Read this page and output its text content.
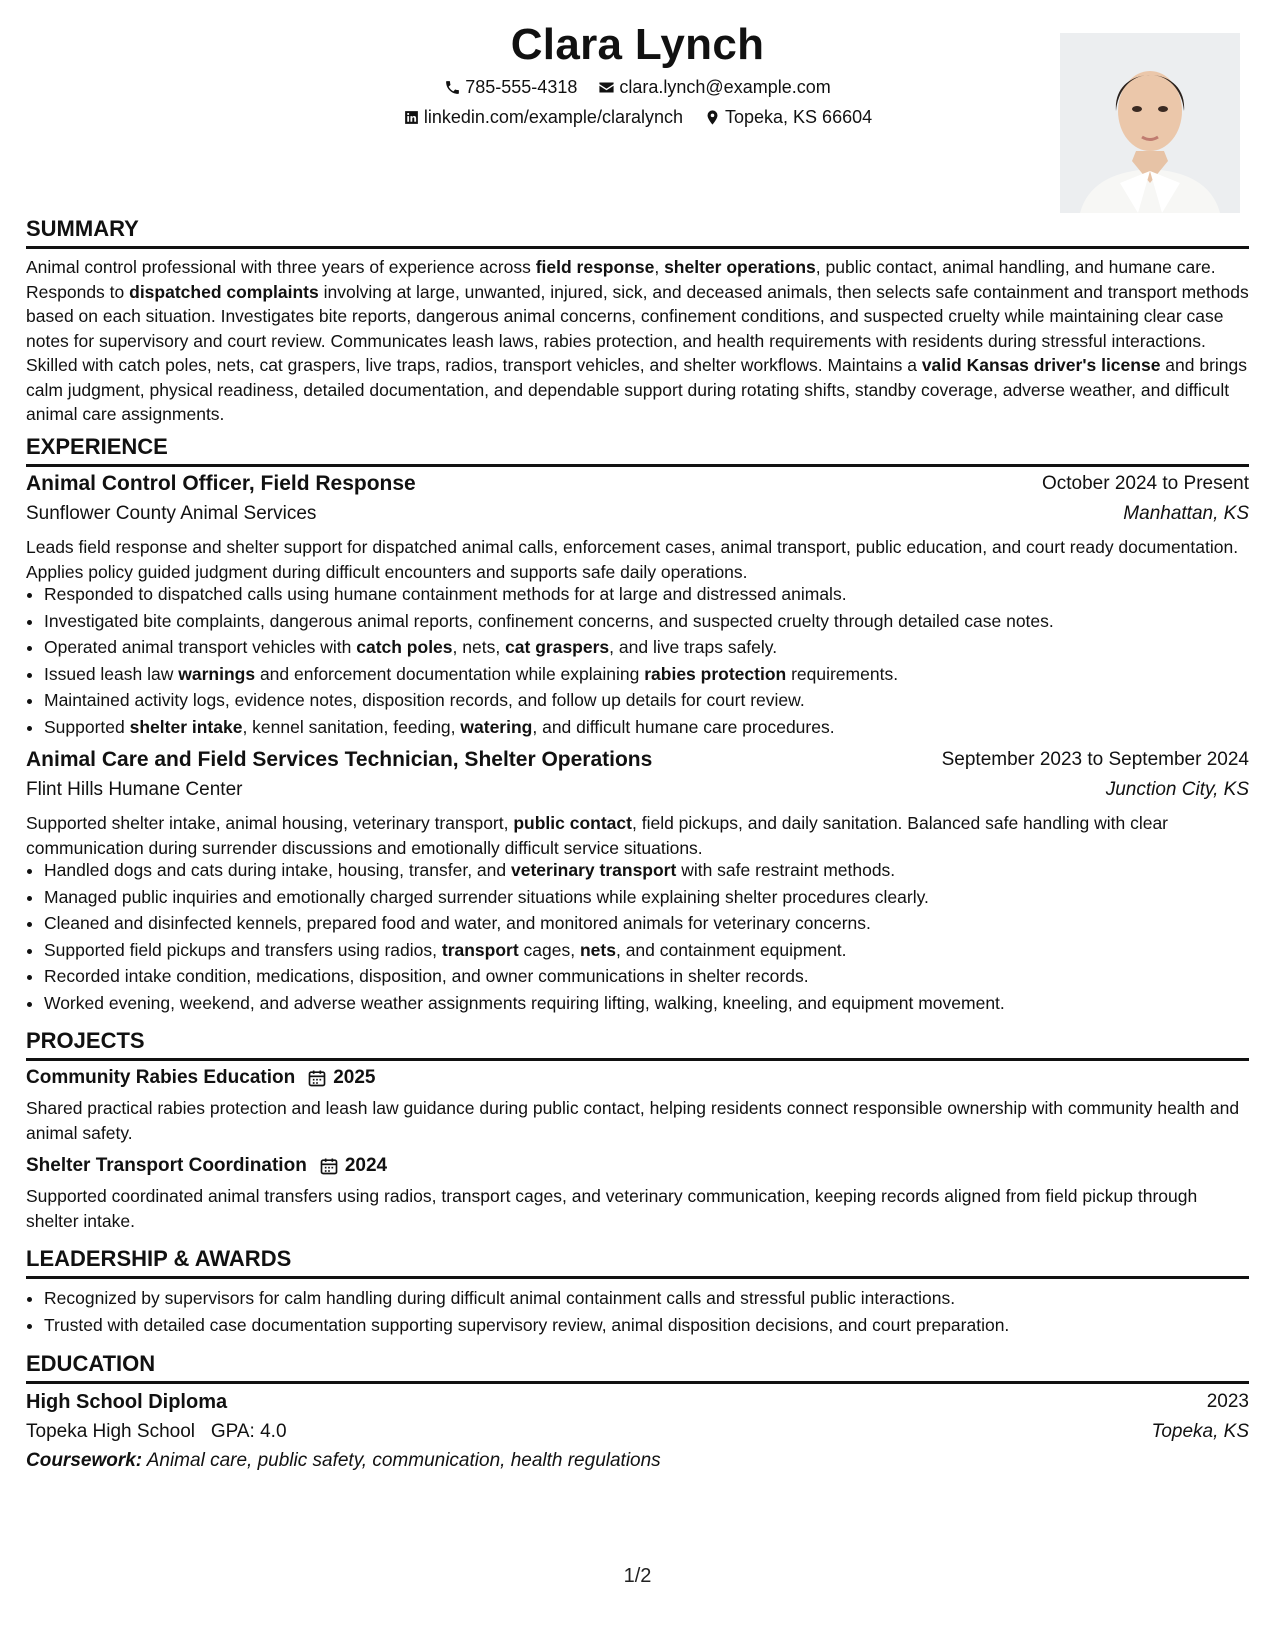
Clara Lynch
785-555-4318
clara.lynch@example.com
linkedin.com/example/claralynch
Topeka, KS 66604
SUMMARY
Animal control professional with three years of experience across field response, shelter operations, public contact, animal handling, and humane care. Responds to dispatched complaints involving at large, unwanted, injured, sick, and deceased animals, then selects safe containment and transport methods based on each situation. Investigates bite reports, dangerous animal concerns, confinement conditions, and suspected cruelty while maintaining clear case notes for supervisory and court review. Communicates leash laws, rabies protection, and health requirements with residents during stressful interactions. Skilled with catch poles, nets, cat graspers, live traps, radios, transport vehicles, and shelter workflows. Maintains a valid Kansas driver's license and brings calm judgment, physical readiness, detailed documentation, and dependable support during rotating shifts, standby coverage, adverse weather, and difficult animal care assignments.
EXPERIENCE
Animal Control Officer, Field Response	October 2024 to Present
Sunflower County Animal Services	Manhattan, KS
Leads field response and shelter support for dispatched animal calls, enforcement cases, animal transport, public education, and court ready documentation. Applies policy guided judgment during difficult encounters and supports safe daily operations.
• Responded to dispatched calls using humane containment methods for at large and distressed animals.
• Investigated bite complaints, dangerous animal reports, confinement concerns, and suspected cruelty through detailed case notes.
• Operated animal transport vehicles with catch poles, nets, cat graspers, and live traps safely.
• Issued leash law warnings and enforcement documentation while explaining rabies protection requirements.
• Maintained activity logs, evidence notes, disposition records, and follow up details for court review.
• Supported shelter intake, kennel sanitation, feeding, watering, and difficult humane care procedures.
Animal Care and Field Services Technician, Shelter Operations	September 2023 to September 2024
Flint Hills Humane Center	Junction City, KS
Supported shelter intake, animal housing, veterinary transport, public contact, field pickups, and daily sanitation. Balanced safe handling with clear communication during surrender discussions and emotionally difficult service situations.
• Handled dogs and cats during intake, housing, transfer, and veterinary transport with safe restraint methods.
• Managed public inquiries and emotionally charged surrender situations while explaining shelter procedures clearly.
• Cleaned and disinfected kennels, prepared food and water, and monitored animals for veterinary concerns.
• Supported field pickups and transfers using radios, transport cages, nets, and containment equipment.
• Recorded intake condition, medications, disposition, and owner communications in shelter records.
• Worked evening, weekend, and adverse weather assignments requiring lifting, walking, kneeling, and equipment movement.
PROJECTS
Community Rabies Education 2025
Shared practical rabies protection and leash law guidance during public contact, helping residents connect responsible ownership with community health and animal safety.
Shelter Transport Coordination 2024
Supported coordinated animal transfers using radios, transport cages, and veterinary communication, keeping records aligned from field pickup through shelter intake.
LEADERSHIP & AWARDS
• Recognized by supervisors for calm handling during difficult animal containment calls and stressful public interactions.
• Trusted with detailed case documentation supporting supervisory review, animal disposition decisions, and court preparation.
EDUCATION
High School Diploma	2023
Topeka High School GPA: 4.0	Topeka, KS
Coursework: Animal care, public safety, communication, health regulations
1/2
